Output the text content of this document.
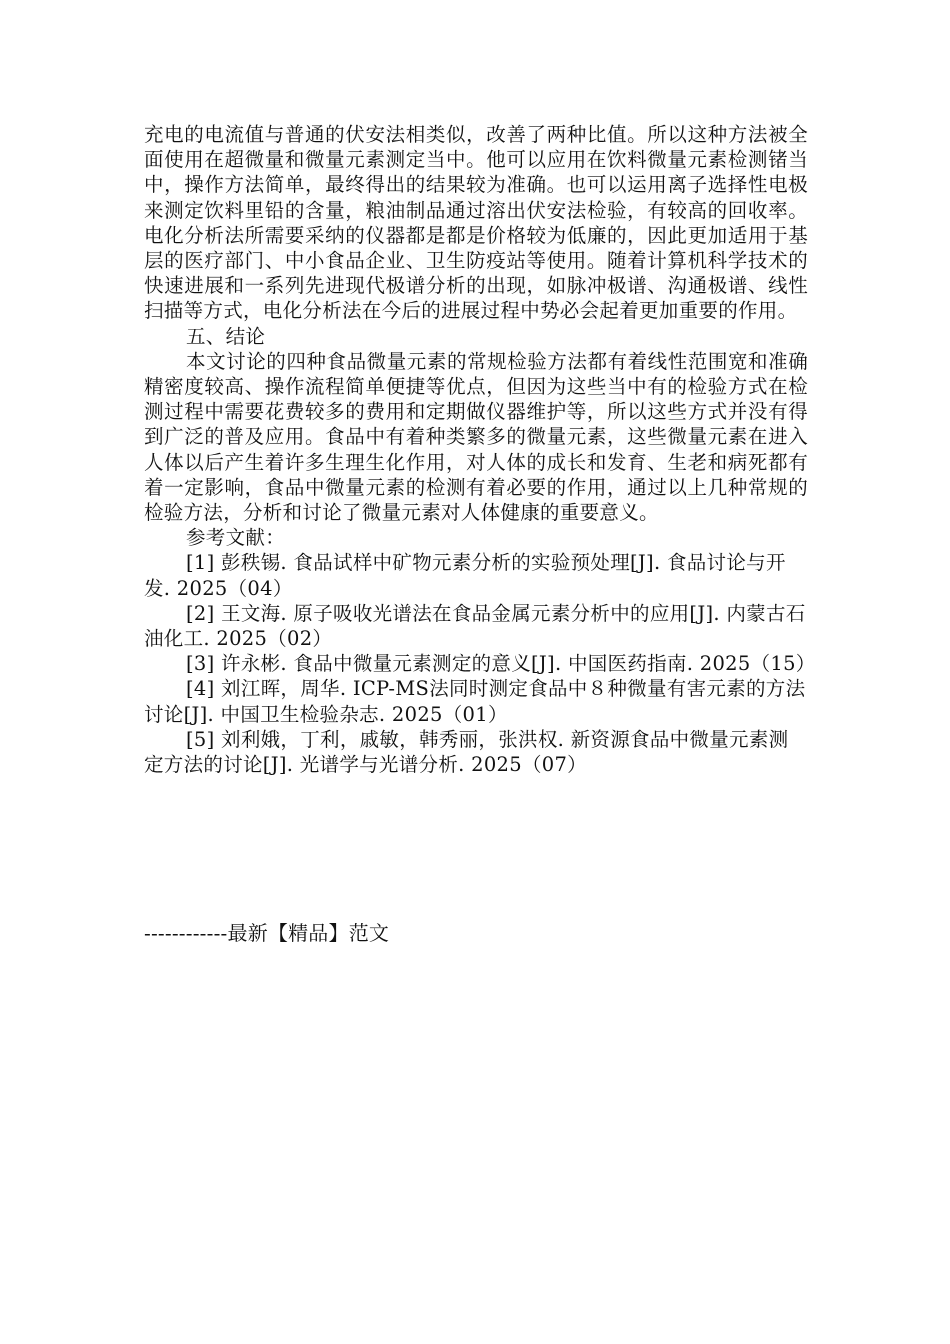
充电的电流值与普通的伏安法相类似，改善了两种比值。所以这种方法被全面使用在超微量和微量元素测定当中。他可以应用在饮料微量元素检测锗当中，操作方法简单，最终得出的结果较为准确。也可以运用离子选择性电极来测定饮料里铅的含量，粮油制品通过溶出伏安法检验，有较高的回收率。电化分析法所需要采纳的仪器都是都是价格较为低廉的，因此更加适用于基层的医疗部门、中小食品企业、卫生防疫站等使用。随着计算机科学技术的快速进展和一系列先进现代极谱分析的出现，如脉冲极谱、沟通极谱、线性扫描等方式，电化分析法在今后的进展过程中势必会起着更加重要的作用。

五、结论

本文讨论的四种食品微量元素的常规检验方法都有着线性范围宽和准确精密度较高、操作流程简单便捷等优点，但因为这些当中有的检验方式在检测过程中需要花费较多的费用和定期做仪器维护等，所以这些方式并没有得到广泛的普及应用。食品中有着种类繁多的微量元素，这些微量元素在进入人体以后产生着许多生理生化作用，对人体的成长和发育、生老和病死都有着一定影响，食品中微量元素的检测有着必要的作用，通过以上几种常规的检验方法，分析和讨论了微量元素对人体健康的重要意义。

参考文献：

[1] 彭秩锡. 食品试样中矿物元素分析的实验预处理[J]. 食品讨论与开发. 2025（04）

[2] 王文海. 原子吸收光谱法在食品金属元素分析中的应用[J]. 内蒙古石油化工. 2025（02）

[3] 许永彬. 食品中微量元素测定的意义[J]. 中国医药指南. 2025（15）

[4] 刘江晖，周华. ICP-MS法同时测定食品中８种微量有害元素的方法讨论[J]. 中国卫生检验杂志. 2025（01）

[5] 刘利娥，丁利，戚敏，韩秀丽，张洪权. 新资源食品中微量元素测定方法的讨论[J]. 光谱学与光谱分析. 2025（07）

------------最新【精品】范文
